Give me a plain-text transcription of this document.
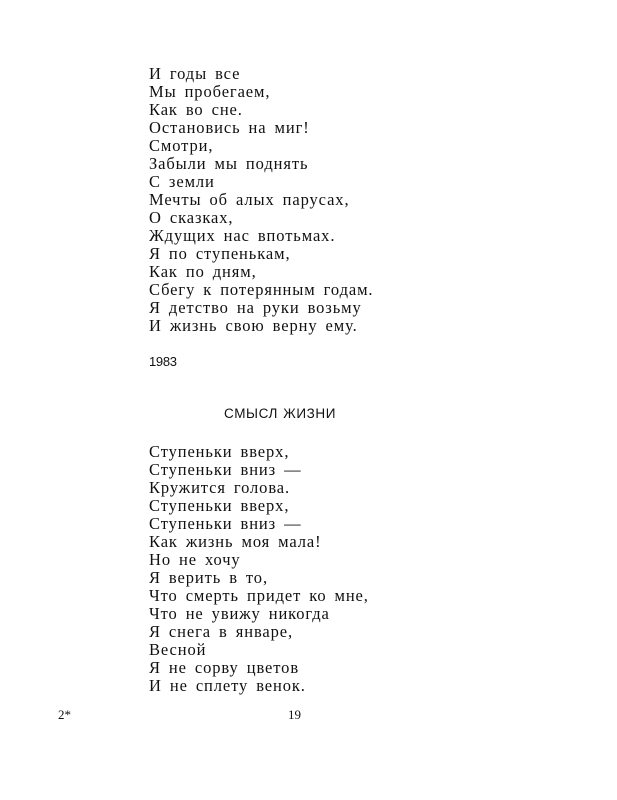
И годы все
Мы пробегаем,
Как во сне.
Остановись на миг!
Смотри,
Забыли мы поднять
С земли
Мечты об алых парусах,
О сказках,
Ждущих нас впотьмах.
Я по ступенькам,
Как по дням,
Сбегу к потерянным годам.
Я детство на руки возьму
И жизнь свою верну ему.
1983
СМЫСЛ ЖИЗНИ
Ступеньки вверх,
Ступеньки вниз —
Кружится голова.
Ступеньки вверх,
Ступеньки вниз —
Как жизнь моя мала!
Но не хочу
Я верить в то,
Что смерть придет ко мне,
Что не увижу никогда
Я снега в январе,
Весной
Я не сорву цветов
И не сплету венок.
2*	19
